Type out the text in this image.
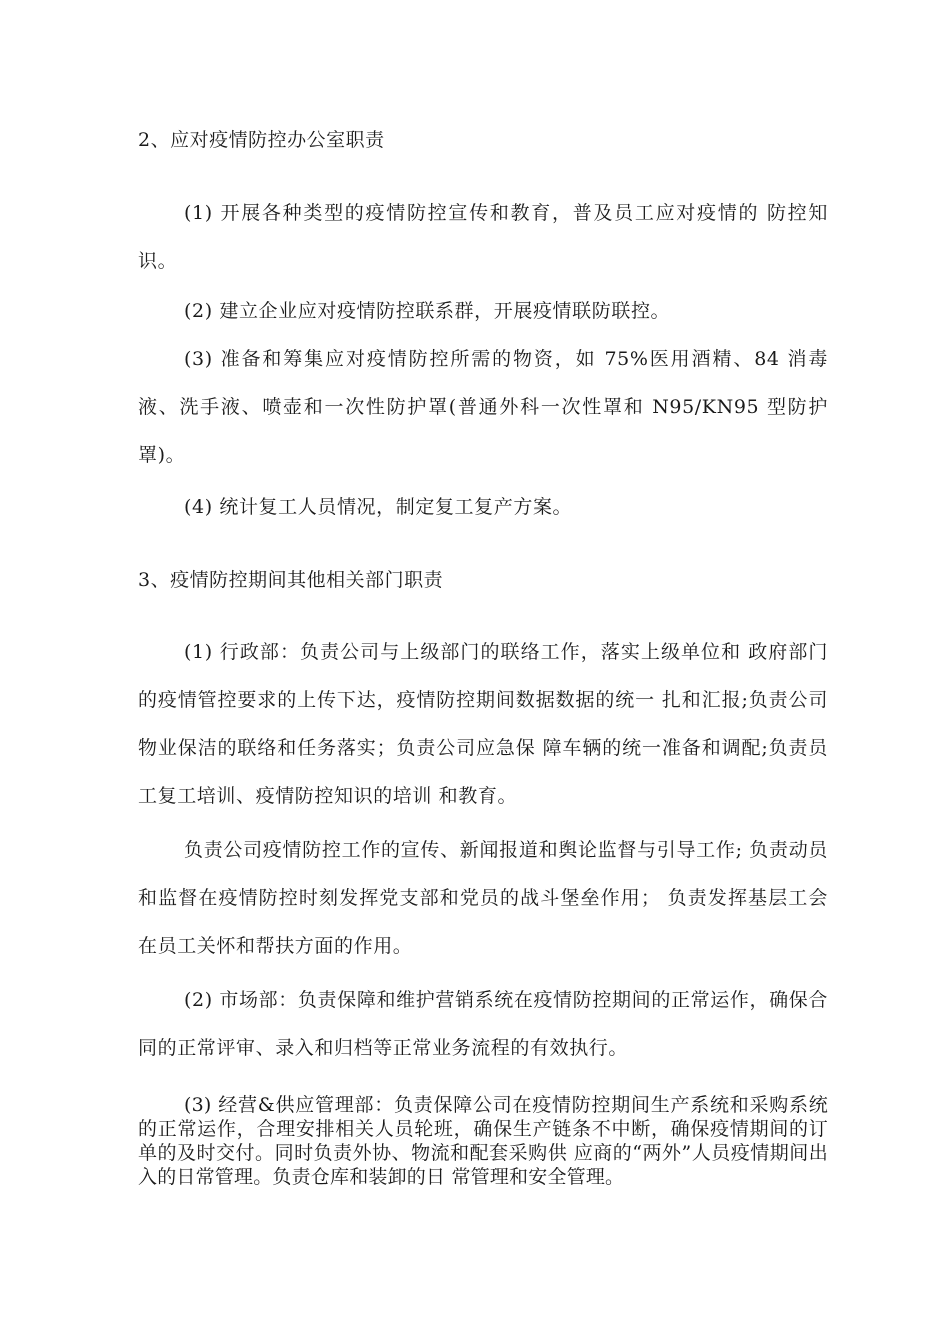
2、应对疫情防控办公室职责

(1) 开展各种类型的疫情防控宣传和教育，普及员工应对疫情的 防控知识。

(2) 建立企业应对疫情防控联系群，开展疫情联防联控。

(3) 准备和筹集应对疫情防控所需的物资，如 75%医用酒精、84 消毒液、洗手液、喷壶和一次性防护罩(普通外科一次性罩和 N95/KN95 型防护罩)。

(4) 统计复工人员情况，制定复工复产方案。

3、疫情防控期间其他相关部门职责

(1) 行政部：负责公司与上级部门的联络工作，落实上级单位和 政府部门的疫情管控要求的上传下达，疫情防控期间数据数据的统一 扎和汇报;负责公司物业保洁的联络和任务落实；负责公司应急保 障车辆的统一准备和调配;负责员工复工培训、疫情防控知识的培训 和教育。

负责公司疫情防控工作的宣传、新闻报道和舆论监督与引导工作; 负责动员和监督在疫情防控时刻发挥党支部和党员的战斗堡垒作用； 负责发挥基层工会在员工关怀和帮扶方面的作用。

(2) 市场部：负责保障和维护营销系统在疫情防控期间的正常运作，确保合同的正常评审、录入和归档等正常业务流程的有效执行。

(3) 经营&供应管理部：负责保障公司在疫情防控期间生产系统和采购系统的正常运作，合理安排相关人员轮班，确保生产链条不中断，确保疫情期间的订单的及时交付。同时负责外协、物流和配套采购供 应商的“两外”人员疫情期间出入的日常管理。负责仓库和装卸的日 常管理和安全管理。
